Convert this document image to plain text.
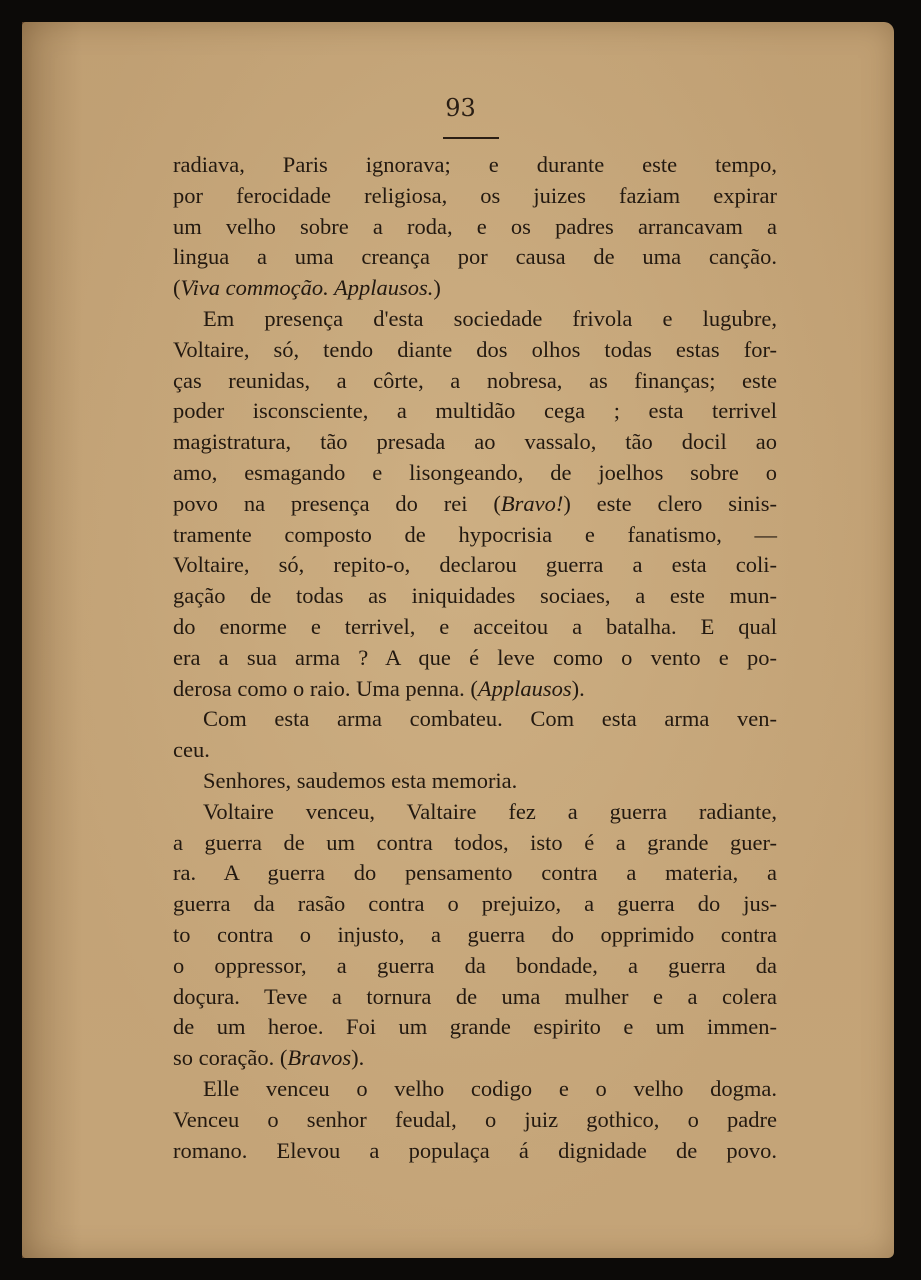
93
radiava, Paris ignorava; e durante este tempo,
por ferocidade religiosa, os juizes faziam expirar
um velho sobre a roda, e os padres arrancavam a
lingua a uma creança por causa de uma canção.
(Viva commoção. Applausos.)
Em presença d'esta sociedade frivola e lugubre,
Voltaire, só, tendo diante dos olhos todas estas for-
ças reunidas, a côrte, a nobresa, as finanças; este
poder isconsciente, a multidão cega ; esta terrivel
magistratura, tão presada ao vassalo, tão docil ao
amo, esmagando e lisongeando, de joelhos sobre o
povo na presença do rei (Bravo!) este clero sinis-
tramente composto de hypocrisia e fanatismo, —
Voltaire, só, repito-o, declarou guerra a esta coli-
gação de todas as iniquidades sociaes, a este mun-
do enorme e terrivel, e acceitou a batalha. E qual
era a sua arma ? A que é leve como o vento e po-
derosa como o raio. Uma penna. (Applausos).
Com esta arma combateu. Com esta arma ven-
ceu.
Senhores, saudemos esta memoria.
Voltaire venceu, Valtaire fez a guerra radiante,
a guerra de um contra todos, isto é a grande guer-
ra. A guerra do pensamento contra a materia, a
guerra da rasão contra o prejuizo, a guerra do jus-
to contra o injusto, a guerra do opprimido contra
o oppressor, a guerra da bondade, a guerra da
doçura. Teve a tornura de uma mulher e a colera
de um heroe. Foi um grande espirito e um immen-
so coração. (Bravos).
Elle venceu o velho codigo e o velho dogma.
Venceu o senhor feudal, o juiz gothico, o padre
romano. Elevou a populaça á dignidade de povo.
